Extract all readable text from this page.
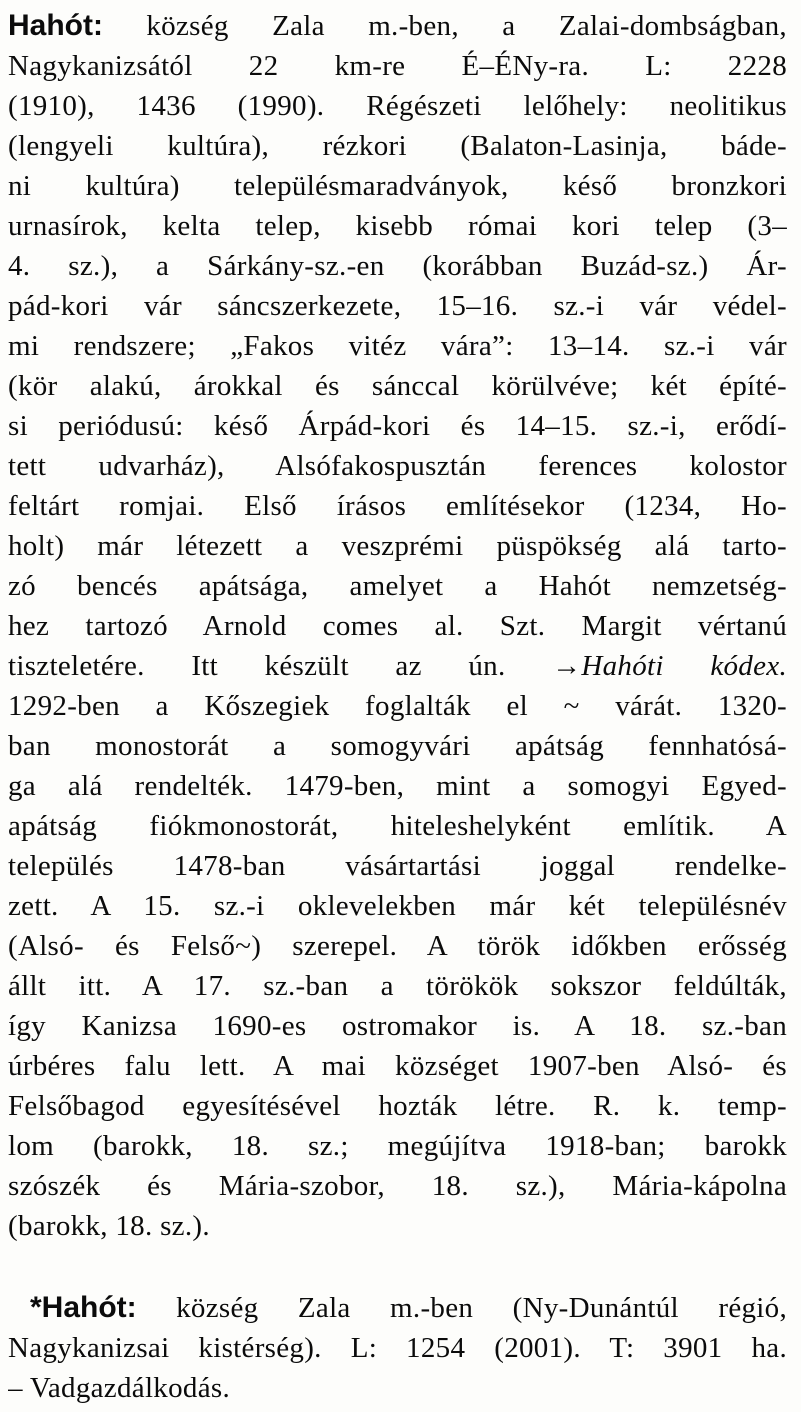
Hahót: község Zala m.-ben, a Zalai-dombságban,
Nagykanizsától 22 km-re É–ÉNy-ra. L: 2228
(1910), 1436 (1990). Régészeti lelőhely: neolitikus
(lengyeli kultúra), rézkori (Balaton-Lasinja, báde-
ni kultúra) településmaradványok, késő bronzkori
urnasírok, kelta telep, kisebb római kori telep (3–
4. sz.), a Sárkány-sz.-en (korábban Buzád-sz.) Ár-
pád-kori vár sáncszerkezete, 15–16. sz.-i vár védel-
mi rendszere; „Fakos vitéz vára”: 13–14. sz.-i vár
(kör alakú, árokkal és sánccal körülvéve; két építé-
si periódusú: késő Árpád-kori és 14–15. sz.-i, erődí-
tett udvarház), Alsófakospusztán ferences kolostor
feltárt romjai. Első írásos említésekor (1234, Ho-
holt) már létezett a veszprémi püspökség alá tarto-
zó bencés apátsága, amelyet a Hahót nemzetség-
hez tartozó Arnold comes al. Szt. Margit vértanú
tiszteletére. Itt készült az ún. →Hahóti kódex.
1292-ben a Kőszegiek foglalták el ~ várát. 1320-
ban monostorát a somogyvári apátság fennhatósá-
ga alá rendelték. 1479-ben, mint a somogyi Egyed-
apátság fiókmonostorát, hiteleshelyként említik. A
település 1478-ban vásártartási joggal rendelke-
zett. A 15. sz.-i oklevelekben már két településnév
(Alsó- és Felső~) szerepel. A török időkben erősség
állt itt. A 17. sz.-ban a törökök sokszor feldúlták,
így Kanizsa 1690-es ostromakor is. A 18. sz.-ban
úrbéres falu lett. A mai községet 1907-ben Alsó- és
Felsőbagod egyesítésével hozták létre. R. k. temp-
lom (barokk, 18. sz.; megújítva 1918-ban; barokk
szószék és Mária-szobor, 18. sz.), Mária-kápolna
(barokk, 18. sz.).
*Hahót: község Zala m.-ben (Ny-Dunántúl régió,
Nagykanizsai kistérség). L: 1254 (2001). T: 3901 ha.
– Vadgazdálkodás.
